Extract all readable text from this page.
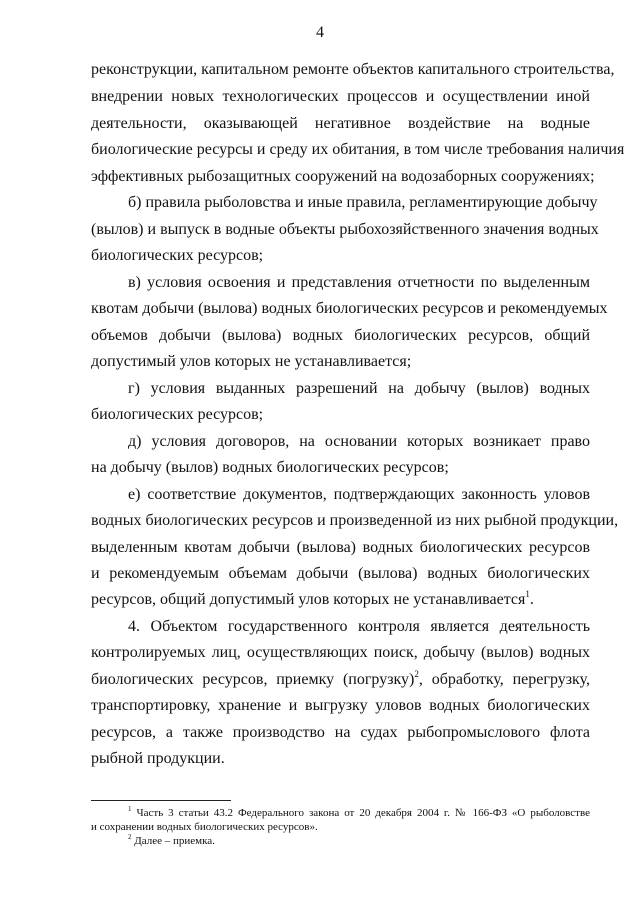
4
реконструкции, капитальном ремонте объектов капитального строительства,
внедрении новых технологических процессов и осуществлении иной
деятельности, оказывающей негативное воздействие на водные
биологические ресурсы и среду их обитания, в том числе требования наличия
эффективных рыбозащитных сооружений на водозаборных сооружениях;
б) правила рыболовства и иные правила, регламентирующие добычу
(вылов) и выпуск в водные объекты рыбохозяйственного значения водных
биологических ресурсов;
в) условия освоения и представления отчетности по выделенным
квотам добычи (вылова) водных биологических ресурсов и рекомендуемых
объемов добычи (вылова) водных биологических ресурсов, общий
допустимый улов которых не устанавливается;
г) условия выданных разрешений на добычу (вылов) водных
биологических ресурсов;
д) условия договоров, на основании которых возникает право
на добычу (вылов) водных биологических ресурсов;
е) соответствие документов, подтверждающих законность уловов
водных биологических ресурсов и произведенной из них рыбной продукции,
выделенным квотам добычи (вылова) водных биологических ресурсов
и рекомендуемым объемам добычи (вылова) водных биологических
ресурсов, общий допустимый улов которых не устанавливается$^1$.
4. Объектом государственного контроля является деятельность
контролируемых лиц, осуществляющих поиск, добычу (вылов) водных
биологических ресурсов, приемку (погрузку)$^2$, обработку, перегрузку,
транспортировку, хранение и выгрузку уловов водных биологических
ресурсов, а также производство на судах рыбопромыслового флота
рыбной продукции.
$^1$ Часть 3 статьи 43.2 Федерального закона от 20 декабря 2004 г. № 166-ФЗ «О рыболовстве
и сохранении водных биологических ресурсов».
$^2$ Далее – приемка.
